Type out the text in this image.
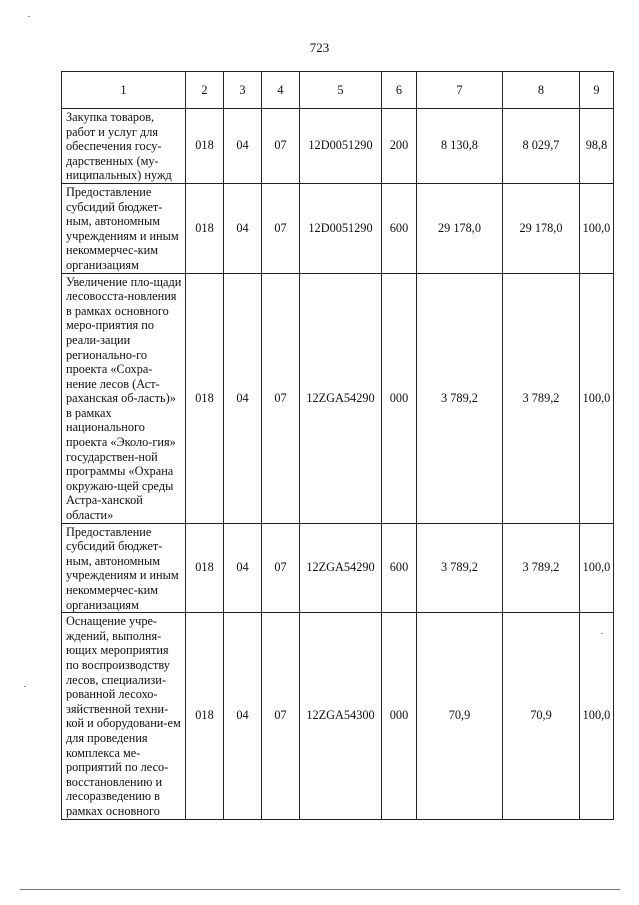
723
1	2	3	4	5	6	7	8	9
Закупка товаров, работ и услуг для обеспечения госу-дарственных (му-ниципальных) нужд	018	04	07	12D0051290	200	8 130,8	8 029,7	98,8
Предоставление субсидий бюджет-ным, автономным учреждениям и иным некоммерчес-ким организациям	018	04	07	12D0051290	600	29 178,0	29 178,0	100,0
Увеличение пло-щади лесовосста-новления в рамках основного меро-приятия по реали-зации регионально-го проекта «Сохра-нение лесов (Аст-раханская об-ласть)» в рамках национального проекта «Эколо-гия» государствен-ной программы «Охрана окружаю-щей среды Астра-ханской области»	018	04	07	12ZGA54290	000	3 789,2	3 789,2	100,0
Предоставление субсидий бюджет-ным, автономным учреждениям и иным некоммерчес-ким организациям	018	04	07	12ZGA54290	600	3 789,2	3 789,2	100,0
Оснащение учре-ждений, выполня-ющих мероприятия по воспроизводству лесов, специализи-рованной лесохо-зяйственной техни-кой и оборудовани-ем для проведения комплекса ме-роприятий по лесо-восстановлению и лесоразведению в рамках основного	018	04	07	12ZGA54300	000	70,9	70,9	100,0
